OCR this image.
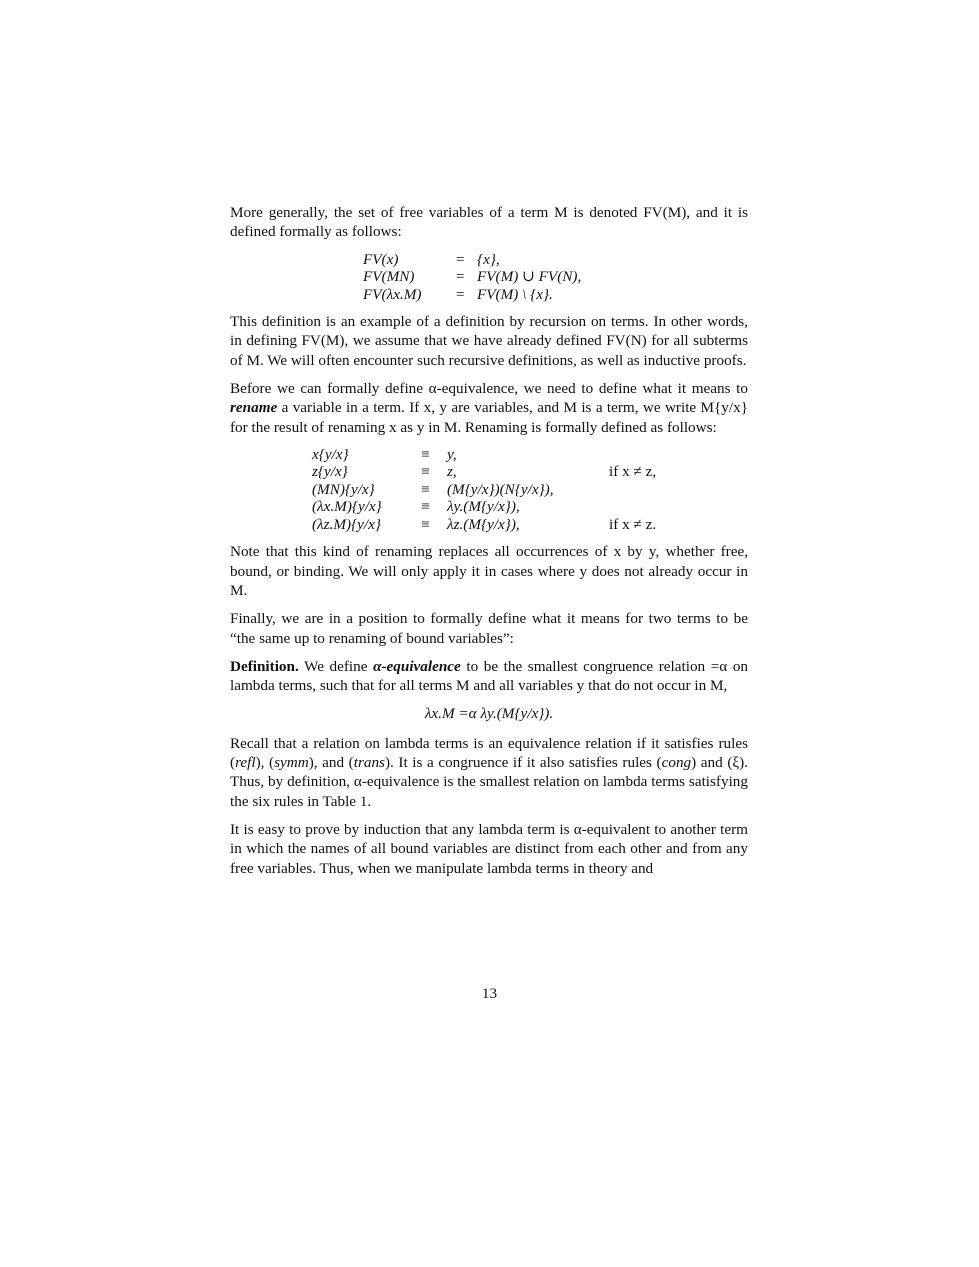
More generally, the set of free variables of a term M is denoted FV(M), and it is defined formally as follows:

FV(x)	=	{x},
FV(MN)	=	FV(M) ∪ FV(N),
FV(λx.M)	=	FV(M) \ {x}.

This definition is an example of a definition by recursion on terms. In other words, in defining FV(M), we assume that we have already defined FV(N) for all subterms of M. We will often encounter such recursive definitions, as well as inductive proofs.

Before we can formally define α-equivalence, we need to define what it means to rename a variable in a term. If x, y are variables, and M is a term, we write M{y/x} for the result of renaming x as y in M. Renaming is formally defined as follows:

x{y/x}	≡	y,	
z{y/x}	≡	z,	if x ≠ z,
(MN){y/x}	≡	(M{y/x})(N{y/x}),	
(λx.M){y/x}	≡	λy.(M{y/x}),	
(λz.M){y/x}	≡	λz.(M{y/x}),	if x ≠ z.

Note that this kind of renaming replaces all occurrences of x by y, whether free, bound, or binding. We will only apply it in cases where y does not already occur in M.

Finally, we are in a position to formally define what it means for two terms to be “the same up to renaming of bound variables”:

Definition. We define α-equivalence to be the smallest congruence relation =α on lambda terms, such that for all terms M and all variables y that do not occur in M,

λx.M =α λy.(M{y/x}).

Recall that a relation on lambda terms is an equivalence relation if it satisfies rules (refl), (symm), and (trans). It is a congruence if it also satisfies rules (cong) and (ξ). Thus, by definition, α-equivalence is the smallest relation on lambda terms satisfying the six rules in Table 1.

It is easy to prove by induction that any lambda term is α-equivalent to another term in which the names of all bound variables are distinct from each other and from any free variables. Thus, when we manipulate lambda terms in theory and

13
